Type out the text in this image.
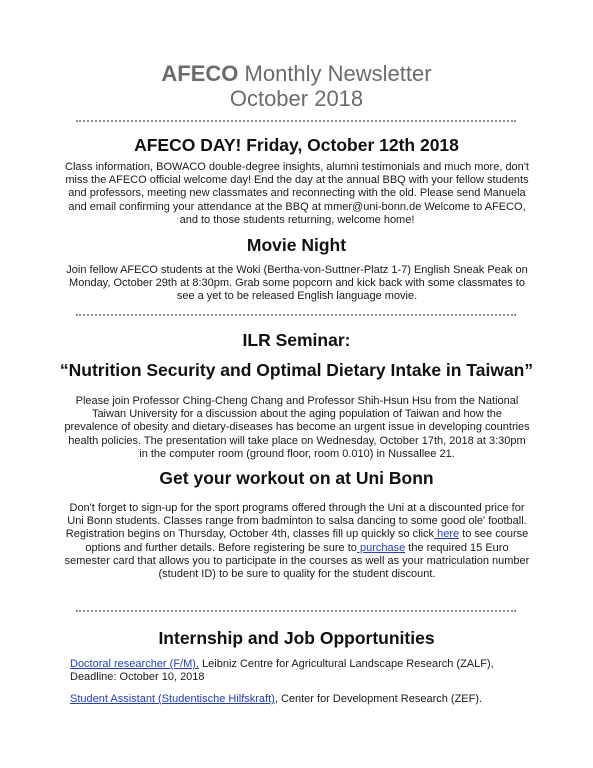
AFECO Monthly Newsletter
October 2018
AFECO DAY! Friday, October 12th 2018
Class information, BOWACO double-degree insights, alumni testimonials and much more, don't
miss the AFECO official welcome day! End the day at the annual BBQ with your fellow students
and professors, meeting new classmates and reconnecting with the old. Please send Manuela
and email confirming your attendance at the BBQ at mmer@uni-bonn.de Welcome to AFECO,
and to those students returning, welcome home!
Movie Night
Join fellow AFECO students at the Woki (Bertha-von-Suttner-Platz 1-7) English Sneak Peak on
Monday, October 29th at 8:30pm. Grab some popcorn and kick back with some classmates to
see a yet to be released English language movie.
ILR Seminar:
“Nutrition Security and Optimal Dietary Intake in Taiwan”
Please join Professor Ching-Cheng Chang and Professor Shih-Hsun Hsu from the National
Taiwan University for a discussion about the aging population of Taiwan and how the
prevalence of obesity and dietary-diseases has become an urgent issue in developing countries
health policies. The presentation will take place on Wednesday, October 17th, 2018 at 3:30pm
in the computer room (ground floor, room 0.010) in Nussallee 21.
Get your workout on at Uni Bonn
Don't forget to sign-up for the sport programs offered through the Uni at a discounted price for
Uni Bonn students. Classes range from badminton to salsa dancing to some good ole' football.
Registration begins on Thursday, October 4th, classes fill up quickly so click here to see course
options and further details. Before registering be sure to purchase the required 15 Euro
semester card that allows you to participate in the courses as well as your matriculation number
(student ID) to be sure to quality for the student discount.
Internship and Job Opportunities
Doctoral researcher (F/M), Leibniz Centre for Agricultural Landscape Research (ZALF),
Deadline: October 10, 2018
Student Assistant (Studentische Hilfskraft), Center for Development Research (ZEF).
